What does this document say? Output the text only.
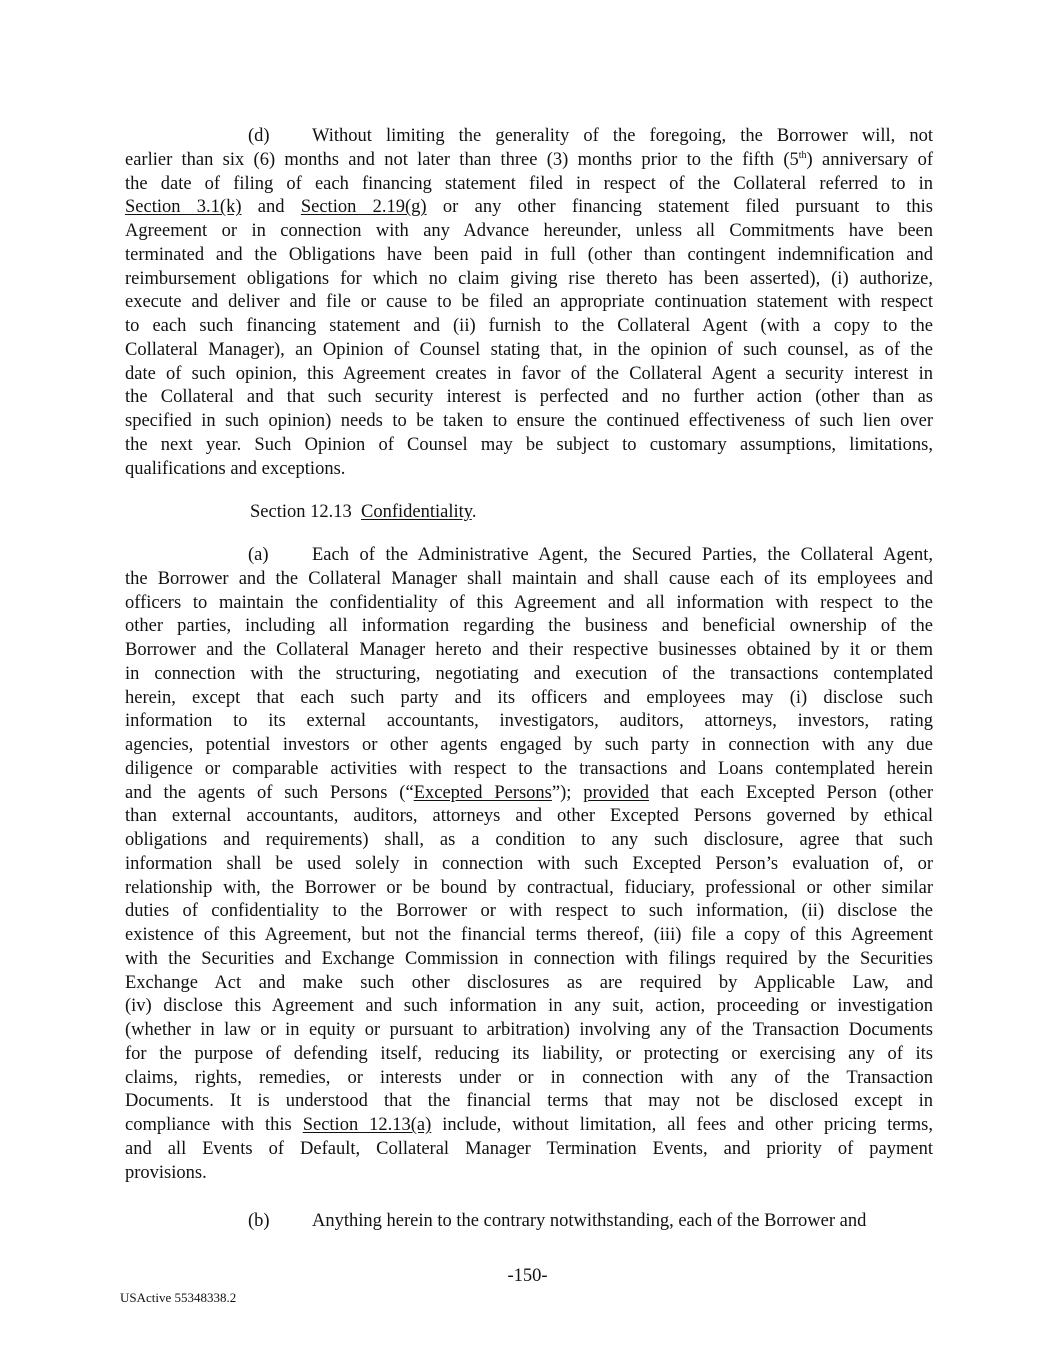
(d) Without limiting the generality of the foregoing, the Borrower will, not
earlier than six (6) months and not later than three (3) months prior to the fifth (5th) anniversary of
the date of filing of each financing statement filed in respect of the Collateral referred to in
Section 3.1(k) and Section 2.19(g) or any other financing statement filed pursuant to this
Agreement or in connection with any Advance hereunder, unless all Commitments have been
terminated and the Obligations have been paid in full (other than contingent indemnification and
reimbursement obligations for which no claim giving rise thereto has been asserted), (i) authorize,
execute and deliver and file or cause to be filed an appropriate continuation statement with respect
to each such financing statement and (ii) furnish to the Collateral Agent (with a copy to the
Collateral Manager), an Opinion of Counsel stating that, in the opinion of such counsel, as of the
date of such opinion, this Agreement creates in favor of the Collateral Agent a security interest in
the Collateral and that such security interest is perfected and no further action (other than as
specified in such opinion) needs to be taken to ensure the continued effectiveness of such lien over
the next year. Such Opinion of Counsel may be subject to customary assumptions, limitations,
qualifications and exceptions.
Section 12.13 Confidentiality.
(a) Each of the Administrative Agent, the Secured Parties, the Collateral Agent,
the Borrower and the Collateral Manager shall maintain and shall cause each of its employees and
officers to maintain the confidentiality of this Agreement and all information with respect to the
other parties, including all information regarding the business and beneficial ownership of the
Borrower and the Collateral Manager hereto and their respective businesses obtained by it or them
in connection with the structuring, negotiating and execution of the transactions contemplated
herein, except that each such party and its officers and employees may (i) disclose such
information to its external accountants, investigators, auditors, attorneys, investors, rating
agencies, potential investors or other agents engaged by such party in connection with any due
diligence or comparable activities with respect to the transactions and Loans contemplated herein
and the agents of such Persons (“Excepted Persons”); provided that each Excepted Person (other
than external accountants, auditors, attorneys and other Excepted Persons governed by ethical
obligations and requirements) shall, as a condition to any such disclosure, agree that such
information shall be used solely in connection with such Excepted Person’s evaluation of, or
relationship with, the Borrower or be bound by contractual, fiduciary, professional or other similar
duties of confidentiality to the Borrower or with respect to such information, (ii) disclose the
existence of this Agreement, but not the financial terms thereof, (iii) file a copy of this Agreement
with the Securities and Exchange Commission in connection with filings required by the Securities
Exchange Act and make such other disclosures as are required by Applicable Law, and
(iv) disclose this Agreement and such information in any suit, action, proceeding or investigation
(whether in law or in equity or pursuant to arbitration) involving any of the Transaction Documents
for the purpose of defending itself, reducing its liability, or protecting or exercising any of its
claims, rights, remedies, or interests under or in connection with any of the Transaction
Documents. It is understood that the financial terms that may not be disclosed except in
compliance with this Section 12.13(a) include, without limitation, all fees and other pricing terms,
and all Events of Default, Collateral Manager Termination Events, and priority of payment
provisions.
(b) Anything herein to the contrary notwithstanding, each of the Borrower and
-150-
USActive 55348338.2
